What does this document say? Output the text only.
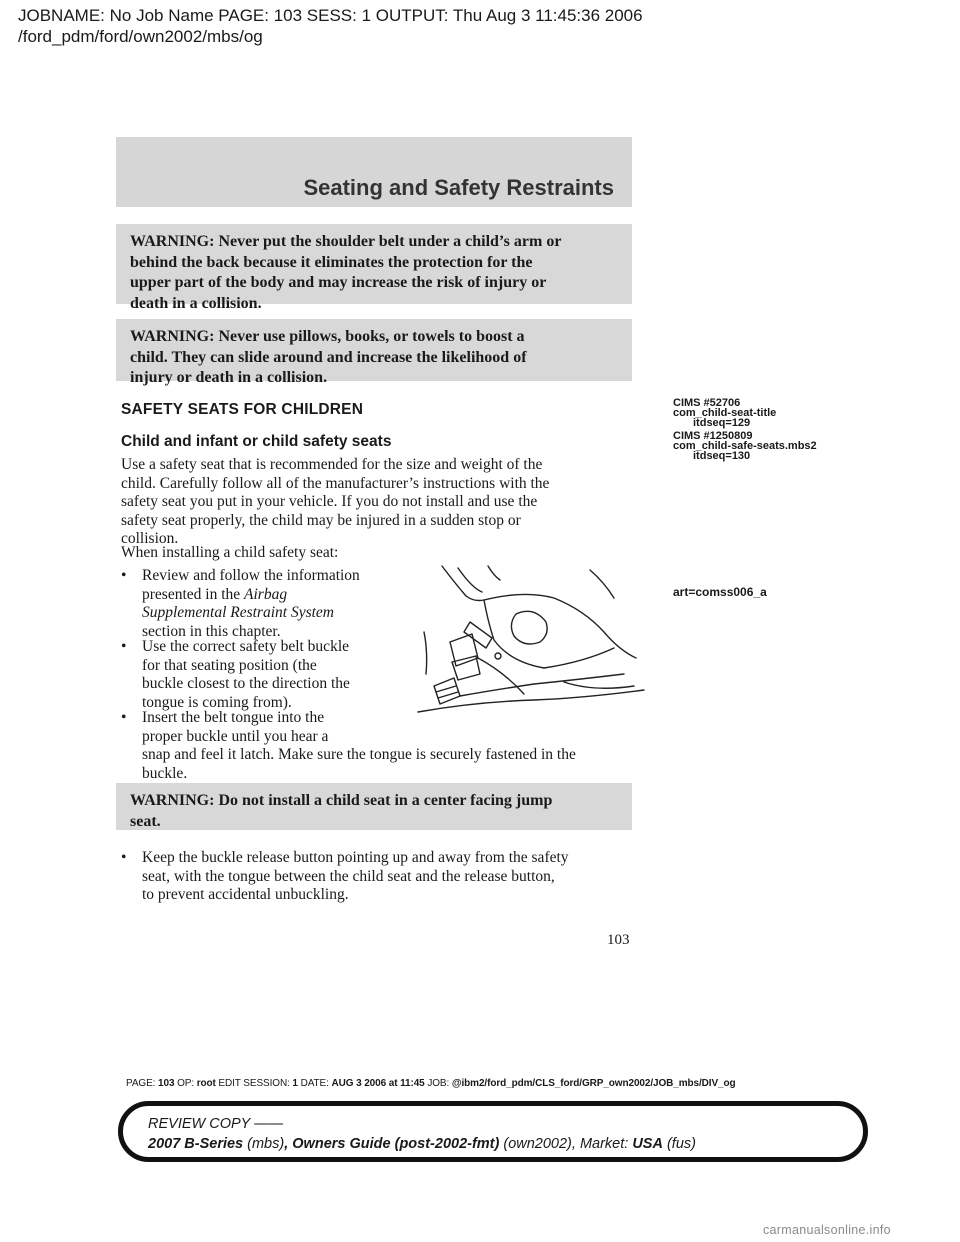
JOBNAME: No Job Name PAGE: 103 SESS: 1 OUTPUT: Thu Aug 3 11:45:36 2006
/ford_pdm/ford/own2002/mbs/og
Seating and Safety Restraints
WARNING: Never put the shoulder belt under a child’s arm or
behind the back because it eliminates the protection for the
upper part of the body and may increase the risk of injury or
death in a collision.
WARNING: Never use pillows, books, or towels to boost a
child. They can slide around and increase the likelihood of
injury or death in a collision.
SAFETY SEATS FOR CHILDREN
Child and infant or child safety seats
Use a safety seat that is recommended for the size and weight of the
child. Carefully follow all of the manufacturer’s instructions with the
safety seat you put in your vehicle. If you do not install and use the
safety seat properly, the child may be injured in a sudden stop or
collision.
When installing a child safety seat:
•	Review and follow the information
presented in the Airbag
Supplemental Restraint System
section in this chapter.
•	Use the correct safety belt buckle
for that seating position (the
buckle closest to the direction the
tongue is coming from).
•	Insert the belt tongue into the
proper buckle until you hear a
snap and feel it latch. Make sure the tongue is securely fastened in the
buckle.
WARNING: Do not install a child seat in a center facing jump
seat.
•	Keep the buckle release button pointing up and away from the safety
seat, with the tongue between the child seat and the release button,
to prevent accidental unbuckling.
CIMS #52706
com_child-seat-title
itdseq=129
CIMS #1250809
com_child-safe-seats.mbs2
itdseq=130
art=comss006_a
103
PAGE: 103 OP: root EDIT SESSION: 1 DATE: AUG 3 2006 at 11:45 JOB: @ibm2/ford_pdm/CLS_ford/GRP_own2002/JOB_mbs/DIV_og
REVIEW COPY ——
2007 B-Series (mbs), Owners Guide (post-2002-fmt) (own2002), Market: USA (fus)
carmanualsonline.info
